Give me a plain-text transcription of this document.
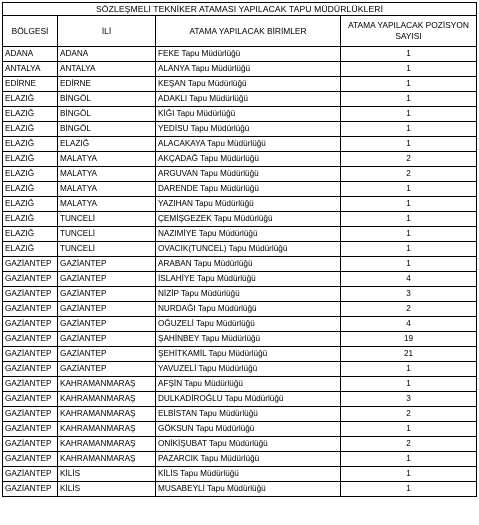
SÖZLEŞMELİ TEKNİKER ATAMASI YAPILACAK TAPU MÜDÜRLÜKLERİ			
BÖLGESİ	İLİ	ATAMA YAPILACAK BİRİMLER	ATAMA YAPILACAK POZİSYON SAYISI
ADANA	ADANA	FEKE Tapu Müdürlüğü	1
ANTALYA	ANTALYA	ALANYA Tapu Müdürlüğü	1
EDİRNE	EDİRNE	KEŞAN Tapu Müdürlüğü	1
ELAZIĞ	BİNGÖL	ADAKLI Tapu Müdürlüğü	1
ELAZIĞ	BİNGÖL	KİĞI Tapu Müdürlüğü	1
ELAZIĞ	BİNGÖL	YEDİSU Tapu Müdürlüğü	1
ELAZIĞ	ELAZIĞ	ALACAKAYA Tapu Müdürlüğü	1
ELAZIĞ	MALATYA	AKÇADAĞ Tapu Müdürlüğü	2
ELAZIĞ	MALATYA	ARGUVAN Tapu Müdürlüğü	2
ELAZIĞ	MALATYA	DARENDE Tapu Müdürlüğü	1
ELAZIĞ	MALATYA	YAZIHAN Tapu Müdürlüğü	1
ELAZIĞ	TUNCELİ	ÇEMİŞGEZEK Tapu Müdürlüğü	1
ELAZIĞ	TUNCELİ	NAZIMİYE Tapu Müdürlüğü	1
ELAZIĞ	TUNCELİ	OVACIK(TUNCEL) Tapu Müdürlüğü	1
GAZİANTEP	GAZİANTEP	ARABAN Tapu Müdürlüğü	1
GAZİANTEP	GAZİANTEP	İSLAHİYE Tapu Müdürlüğü	4
GAZİANTEP	GAZİANTEP	NİZİP Tapu Müdürlüğü	3
GAZİANTEP	GAZİANTEP	NURDAĞI Tapu Müdürlüğü	2
GAZİANTEP	GAZİANTEP	OĞUZELİ Tapu Müdürlüğü	4
GAZİANTEP	GAZİANTEP	ŞAHİNBEY Tapu Müdürlüğü	19
GAZİANTEP	GAZİANTEP	ŞEHİTKAMİL Tapu Müdürlüğü	21
GAZİANTEP	GAZİANTEP	YAVUZELİ Tapu Müdürlüğü	1
GAZİANTEP	KAHRAMANMARAŞ	AFŞİN Tapu Müdürlüğü	1
GAZİANTEP	KAHRAMANMARAŞ	DULKADİROĞLU Tapu Müdürlüğü	3
GAZİANTEP	KAHRAMANMARAŞ	ELBİSTAN Tapu Müdürlüğü	2
GAZİANTEP	KAHRAMANMARAŞ	GÖKSUN Tapu Müdürlüğü	1
GAZİANTEP	KAHRAMANMARAŞ	ONİKİŞUBAT Tapu Müdürlüğü	2
GAZİANTEP	KAHRAMANMARAŞ	PAZARCIK Tapu Müdürlüğü	1
GAZİANTEP	KİLİS	KİLİS Tapu Müdürlüğü	1
GAZİANTEP	KİLİS	MUSABEYLİ Tapu Müdürlüğü	1
